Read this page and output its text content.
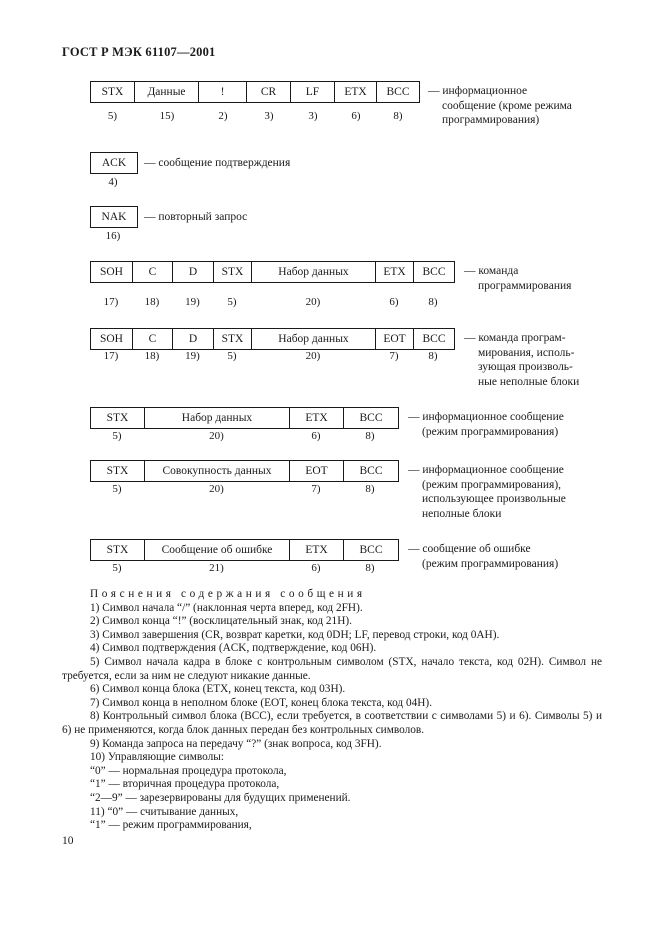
ГОСТ Р МЭК 61107—2001
STX	Данные	!	CR	LF	ETX	BCC
5)	15)	2)	3)	3)	6)	8)
— информационное
сообщение (кроме режима
программирования)
ACK
4)
— сообщение подтверждения
NAK
16)
— повторный запрос
SOH	C	D	STX	Набор данных	ETX	BCC
17)	18)	19)	5)	20)	6)	8)
— команда
программирования
SOH	C	D	STX	Набор данных	EOT	BCC
17)	18)	19)	5)	20)	7)	8)
— команда програм-
мирования, исполь-
зующая произволь-
ные неполные блоки
STX	Набор данных	ETX	BCC
5)	20)	6)	8)
— информационное сообщение
(режим программирования)
STX	Совокупность данных	EOT	BCC
5)	20)	7)	8)
— информационное сообщение
(режим программирования),
использующее произвольные
неполные блоки
STX	Сообщение об ошибке	ETX	BCC
5)	21)	6)	8)
— сообщение об ошибке
(режим программирования)
Пояснения содержания сообщения
1) Символ начала “/” (наклонная черта вперед, код 2FH).
2) Символ конца “!” (восклицательный знак, код 21H).
3) Символ завершения (CR, возврат каретки, код 0DH; LF, перевод строки, код 0AH).
4) Символ подтверждения (ACK, подтверждение, код 06H).
5) Символ начала кадра в блоке с контрольным символом (STX, начало текста, код 02H). Символ не требуется, если за ним не следуют никакие данные.
6) Символ конца блока (ETX, конец текста, код 03H).
7) Символ конца в неполном блоке (EOT, конец блока текста, код 04H).
8) Контрольный символ блока (BCC), если требуется, в соответствии с символами 5) и 6). Символы 5) и 6) не применяются, когда блок данных передан без контрольных символов.
9) Команда запроса на передачу “?” (знак вопроса, код 3FH).
10) Управляющие символы:
“0” — нормальная процедура протокола,
“1” — вторичная процедура протокола,
“2—9” — зарезервированы для будущих применений.
11) “0” — считывание данных,
“1” — режим программирования,
10
